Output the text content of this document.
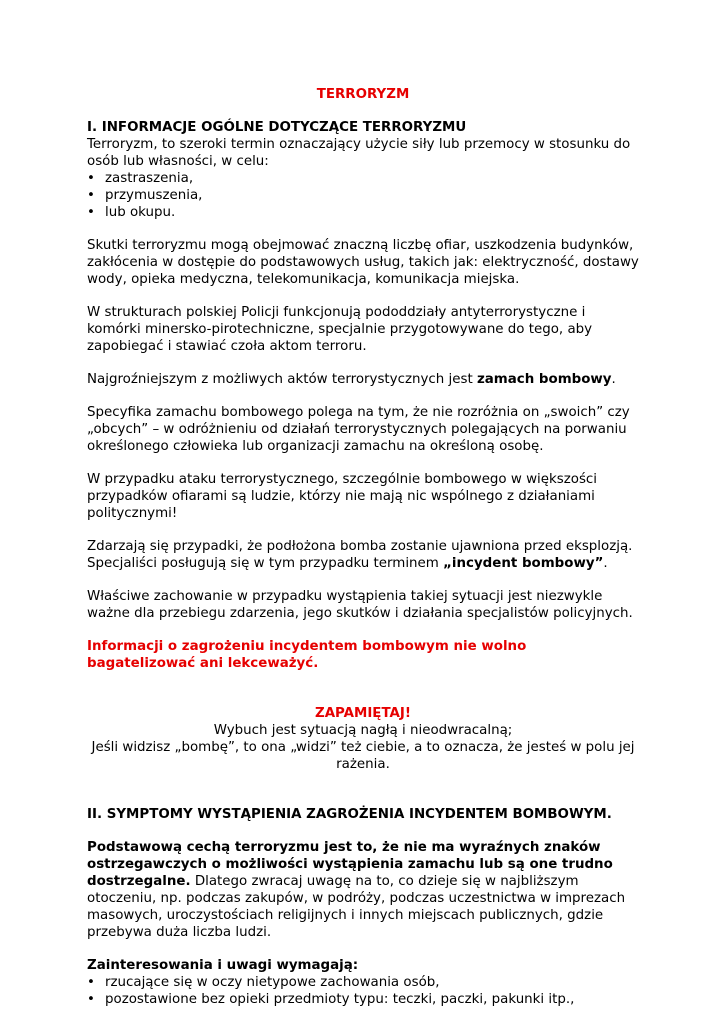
TERRORYZM

I. INFORMACJE OGÓLNE DOTYCZĄCE TERRORYZMU

Terroryzm, to szeroki termin oznaczający użycie siły lub przemocy w stosunku do osób lub własności, w celu:

• zastraszenia,
• przymuszenia,
• lub okupu.

Skutki terroryzmu mogą obejmować znaczną liczbę ofiar, uszkodzenia budynków, zakłócenia w dostępie do podstawowych usług, takich jak: elektryczność, dostawy wody, opieka medyczna, telekomunikacja, komunikacja miejska.

W strukturach polskiej Policji funkcjonują pododdziały antyterrorystyczne i komórki minersko-pirotechniczne, specjalnie przygotowywane do tego, aby zapobiegać i stawiać czoła aktom terroru.

Najgroźniejszym z możliwych aktów terrorystycznych jest zamach bombowy.

Specyfika zamachu bombowego polega na tym, że nie rozróżnia on „swoich” czy „obcych” – w odróżnieniu od działań terrorystycznych polegających na porwaniu określonego człowieka lub organizacji zamachu na określoną osobę.

W przypadku ataku terrorystycznego, szczególnie bombowego w większości przypadków ofiarami są ludzie, którzy nie mają nic wspólnego z działaniami politycznymi!

Zdarzają się przypadki, że podłożona bomba zostanie ujawniona przed eksplozją. Specjaliści posługują się w tym przypadku terminem „incydent bombowy”.

Właściwe zachowanie w przypadku wystąpienia takiej sytuacji jest niezwykle ważne dla przebiegu zdarzenia, jego skutków i działania specjalistów policyjnych.

Informacji o zagrożeniu incydentem bombowym nie wolno bagatelizować ani lekceważyć.

ZAPAMIĘTAJ!

Wybuch jest sytuacją nagłą i nieodwracalną;

Jeśli widzisz „bombę”, to ona „widzi” też ciebie, a to oznacza, że jesteś w polu jej rażenia.

II. SYMPTOMY WYSTĄPIENIA ZAGROŻENIA INCYDENTEM BOMBOWYM.

Podstawową cechą terroryzmu jest to, że nie ma wyraźnych znaków ostrzegawczych o możliwości wystąpienia zamachu lub są one trudno dostrzegalne. Dlatego zwracaj uwagę na to, co dzieje się w najbliższym otoczeniu, np. podczas zakupów, w podróży, podczas uczestnictwa w imprezach masowych, uroczystościach religijnych i innych miejscach publicznych, gdzie przebywa duża liczba ludzi.

Zainteresowania i uwagi wymagają:

• rzucające się w oczy nietypowe zachowania osób,
• pozostawione bez opieki przedmioty typu: teczki, paczki, pakunki itp.,
